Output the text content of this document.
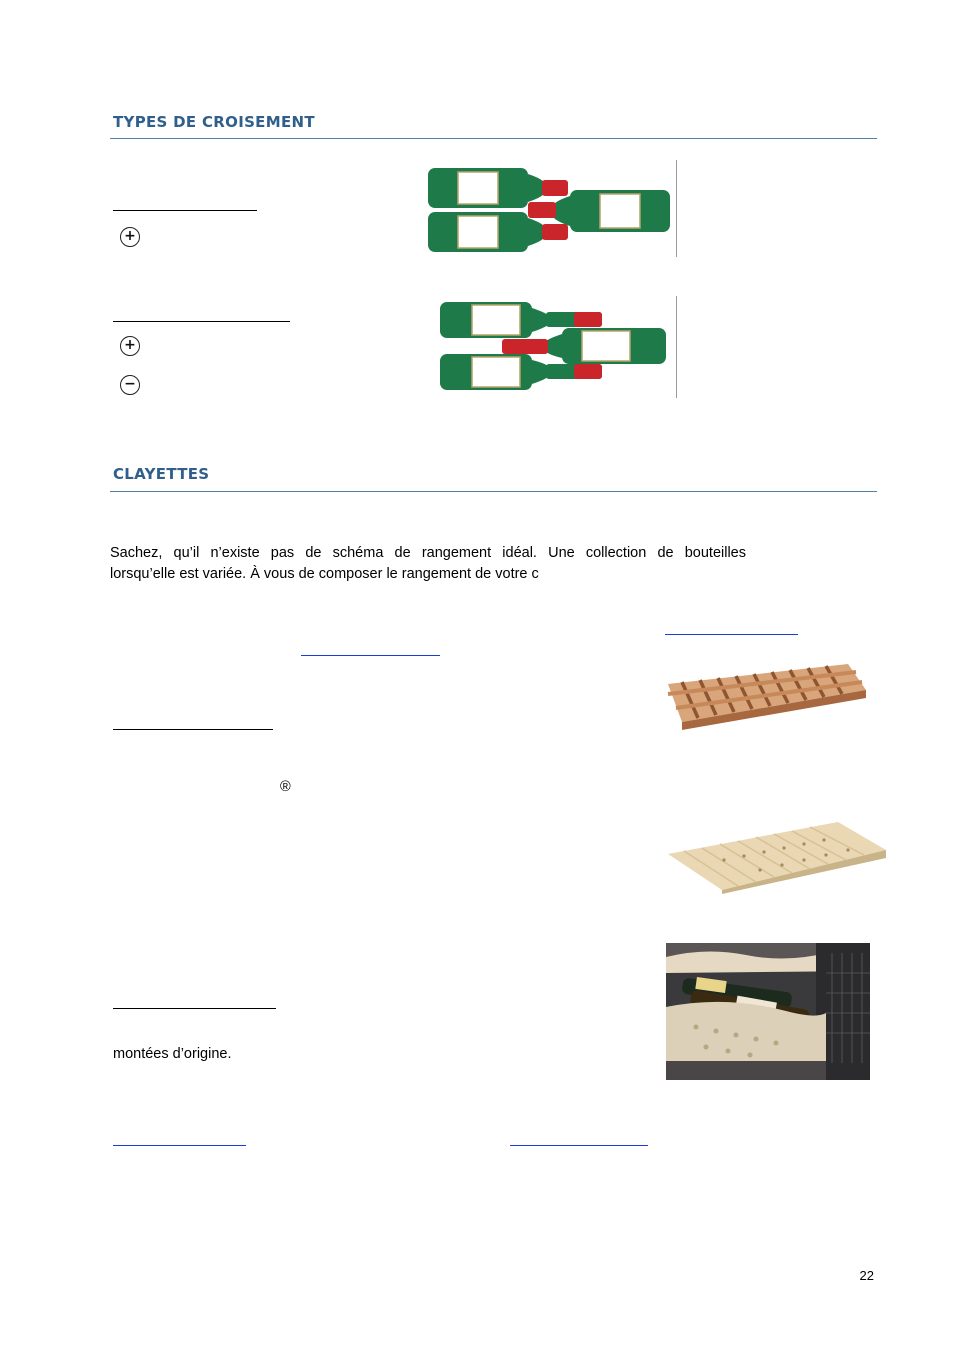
TYPES DE CROISEMENT
+
+
−
CLAYETTES
Sachez, qu’il n’existe pas de schéma de rangement idéal. Une collection de bouteilles
lorsqu’elle est variée. À vous de composer le rangement de votre c
®
montées d’origine.
22
